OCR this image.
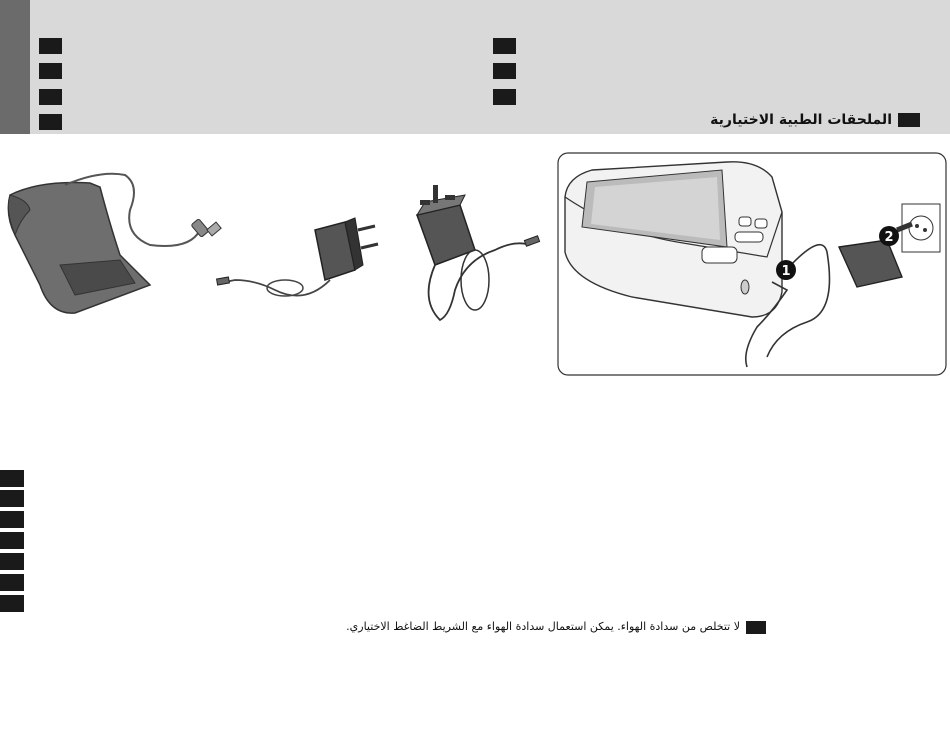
الملحقات الطبية الاختيارية
1
2
لا تتخلص من سدادة الهواء. يمكن استعمال سدادة الهواء مع الشريط الضاغط الاختياري.
